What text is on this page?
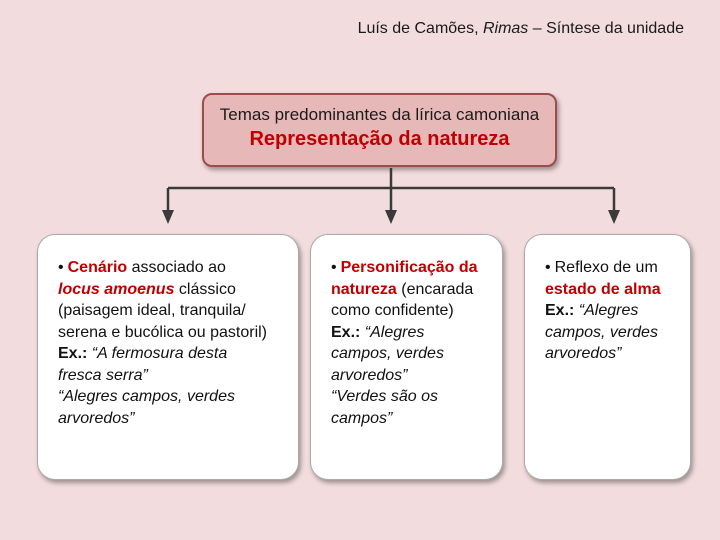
Luís de Camões, Rimas – Síntese da unidade
Temas predominantes da lírica camoniana
Representação da natureza
• Cenário associado ao
locus amoenus clássico
(paisagem ideal, tranquila/
serena e bucólica ou pastoril)
Ex.: “A fermosura desta
fresca serra”
“Alegres campos, verdes
arvoredos”
• Personificação da
natureza (encarada
como confidente)
Ex.: “Alegres
campos, verdes
arvoredos”
“Verdes são os
campos”
• Reflexo de um
estado de alma
Ex.: “Alegres
campos, verdes
arvoredos”
